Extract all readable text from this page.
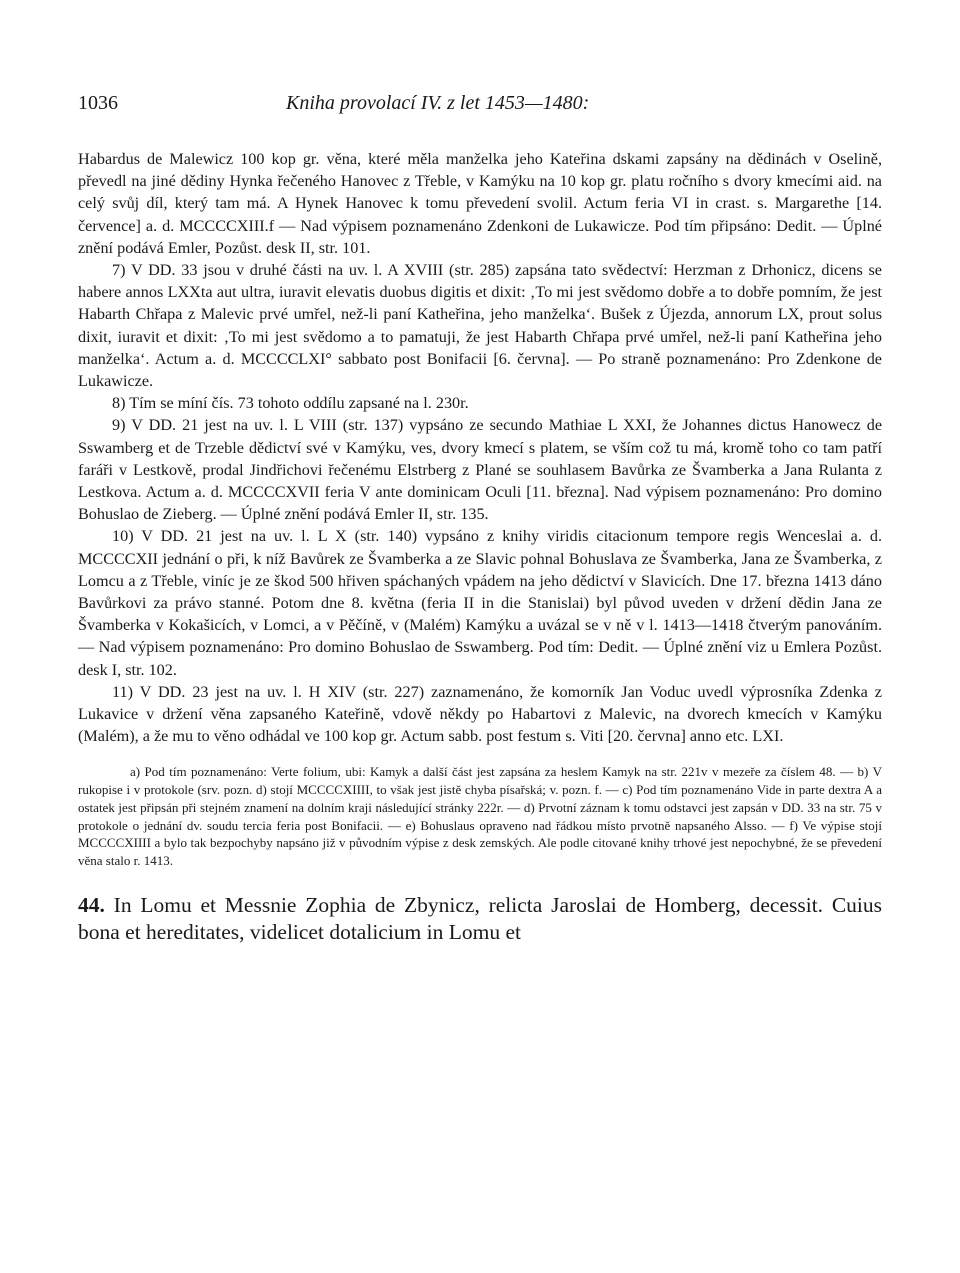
1036	Kniha provolací IV. z let 1453—1480:

Habardus de Malewicz 100 kop gr. věna, které měla manželka jeho Kateřina dskami zapsány na dědinách v Oselině, převedl na jiné dědiny Hynka řečeného Hanovec z Třeble, v Kamýku na 10 kop gr. platu ročního s dvory kmecími aid. na celý svůj díl, který tam má. A Hynek Hanovec k tomu převedení svolil. Actum feria VI in crast. s. Margarethe [14. července] a. d. MCCCCXIII.f — Nad výpisem poznamenáno Zdenkoni de Lukawicze. Pod tím připsáno: Dedit. — Úplné znění podává Emler, Pozůst. desk II, str. 101.

7) V DD. 33 jsou v druhé části na uv. l. A XVIII (str. 285) zapsána tato svědectví: Herzman z Drhonicz, dicens se habere annos LXXta aut ultra, iuravit elevatis duobus digitis et dixit: ‚To mi jest svědomo dobře a to dobře pomním, že jest Habarth Chřapa z Malevic prvé umřel, než-li paní Katheřina, jeho manželka‘. Bušek z Újezda, annorum LX, prout solus dixit, iuravit et dixit: ‚To mi jest svědomo a to pamatuji, že jest Habarth Chřapa prvé umřel, než-li paní Katheřina jeho manželka‘. Actum a. d. MCCCCLXI° sabbato post Bonifacii [6. června]. — Po straně poznamenáno: Pro Zdenkone de Lukawicze.

8) Tím se míní čís. 73 tohoto oddílu zapsané na l. 230r.

9) V DD. 21 jest na uv. l. L VIII (str. 137) vypsáno ze secundo Mathiae L XXI, že Johannes dictus Hanowecz de Sswamberg et de Trzeble dědictví své v Kamýku, ves, dvory kmecí s platem, se vším což tu má, kromě toho co tam patří faráři v Lestkově, prodal Jindřichovi řečenému Elstrberg z Plané se souhlasem Bavůrka ze Švamberka a Jana Rulanta z Lestkova. Actum a. d. MCCCCXVII feria V ante dominicam Oculi [11. března]. Nad výpisem poznamenáno: Pro domino Bohuslao de Zieberg. — Úplné znění podává Emler II, str. 135.

10) V DD. 21 jest na uv. l. L X (str. 140) vypsáno z knihy viridis citacionum tempore regis Wenceslai a. d. MCCCCXII jednání o při, k níž Bavůrek ze Švamberka a ze Slavic pohnal Bohuslava ze Švamberka, Jana ze Švamberka, z Lomcu a z Třeble, viníc je ze škod 500 hřiven spáchaných vpádem na jeho dědictví v Slavicích. Dne 17. března 1413 dáno Bavůrkovi za právo stanné. Potom dne 8. května (feria II in die Stanislai) byl původ uveden v držení dědin Jana ze Švamberka v Kokašicích, v Lomci, a v Pěčíně, v (Malém) Kamýku a uvázal se v ně v l. 1413—1418 čtverým panováním. — Nad výpisem poznamenáno: Pro domino Bohuslao de Sswamberg. Pod tím: Dedit. — Úplné znění viz u Emlera Pozůst. desk I, str. 102.

11) V DD. 23 jest na uv. l. H XIV (str. 227) zaznamenáno, že komorník Jan Voduc uvedl výprosníka Zdenka z Lukavice v držení věna zapsaného Kateřině, vdově někdy po Habartovi z Malevic, na dvorech kmecích v Kamýku (Malém), a že mu to věno odhádal ve 100 kop gr. Actum sabb. post festum s. Viti [20. června] anno etc. LXI.

a) Pod tím poznamenáno: Verte folium, ubi: Kamyk a další část jest zapsána za heslem Kamyk na str. 221v v mezeře za číslem 48. — b) V rukopise i v protokole (srv. pozn. d) stojí MCCCCXIIII, to však jest jistě chyba písařská; v. pozn. f. — c) Pod tím poznamenáno Vide in parte dextra A a ostatek jest připsán při stejném znamení na dolním kraji následující stránky 222r. — d) Prvotní záznam k tomu odstavci jest zapsán v DD. 33 na str. 75 v protokole o jednání dv. soudu tercia feria post Bonifacii. — e) Bohuslaus opraveno nad řádkou místo prvotně napsaného Alsso. — f) Ve výpise stojí MCCCCXIIII a bylo tak bezpochyby napsáno již v původním výpise z desk zemských. Ale podle citované knihy trhové jest nepochybné, že se převedení věna stalo r. 1413.

44. In Lomu et Messnie Zophia de Zbynicz, relicta Jaroslai de Homberg, decessit. Cuius bona et hereditates, videlicet dotalicium in Lomu et
